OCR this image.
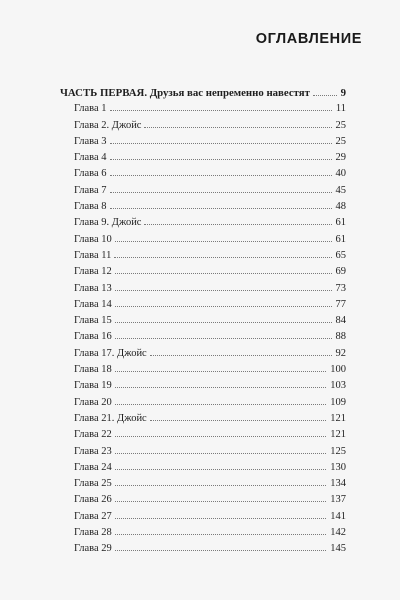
ОГЛАВЛЕНИЕ
ЧАСТЬ ПЕРВАЯ. Друзья вас непременно навестят	9
Глава 1	11
Глава 2. Джойс	25
Глава 3	25
Глава 4	29
Глава 6	40
Глава 7	45
Глава 8	48
Глава 9. Джойс	61
Глава 10	61
Глава 11	65
Глава 12	69
Глава 13	73
Глава 14	77
Глава 15	84
Глава 16	88
Глава 17. Джойс	92
Глава 18	100
Глава 19	103
Глава 20	109
Глава 21. Джойс	121
Глава 22	121
Глава 23	125
Глава 24	130
Глава 25	134
Глава 26	137
Глава 27	141
Глава 28	142
Глава 29	145
